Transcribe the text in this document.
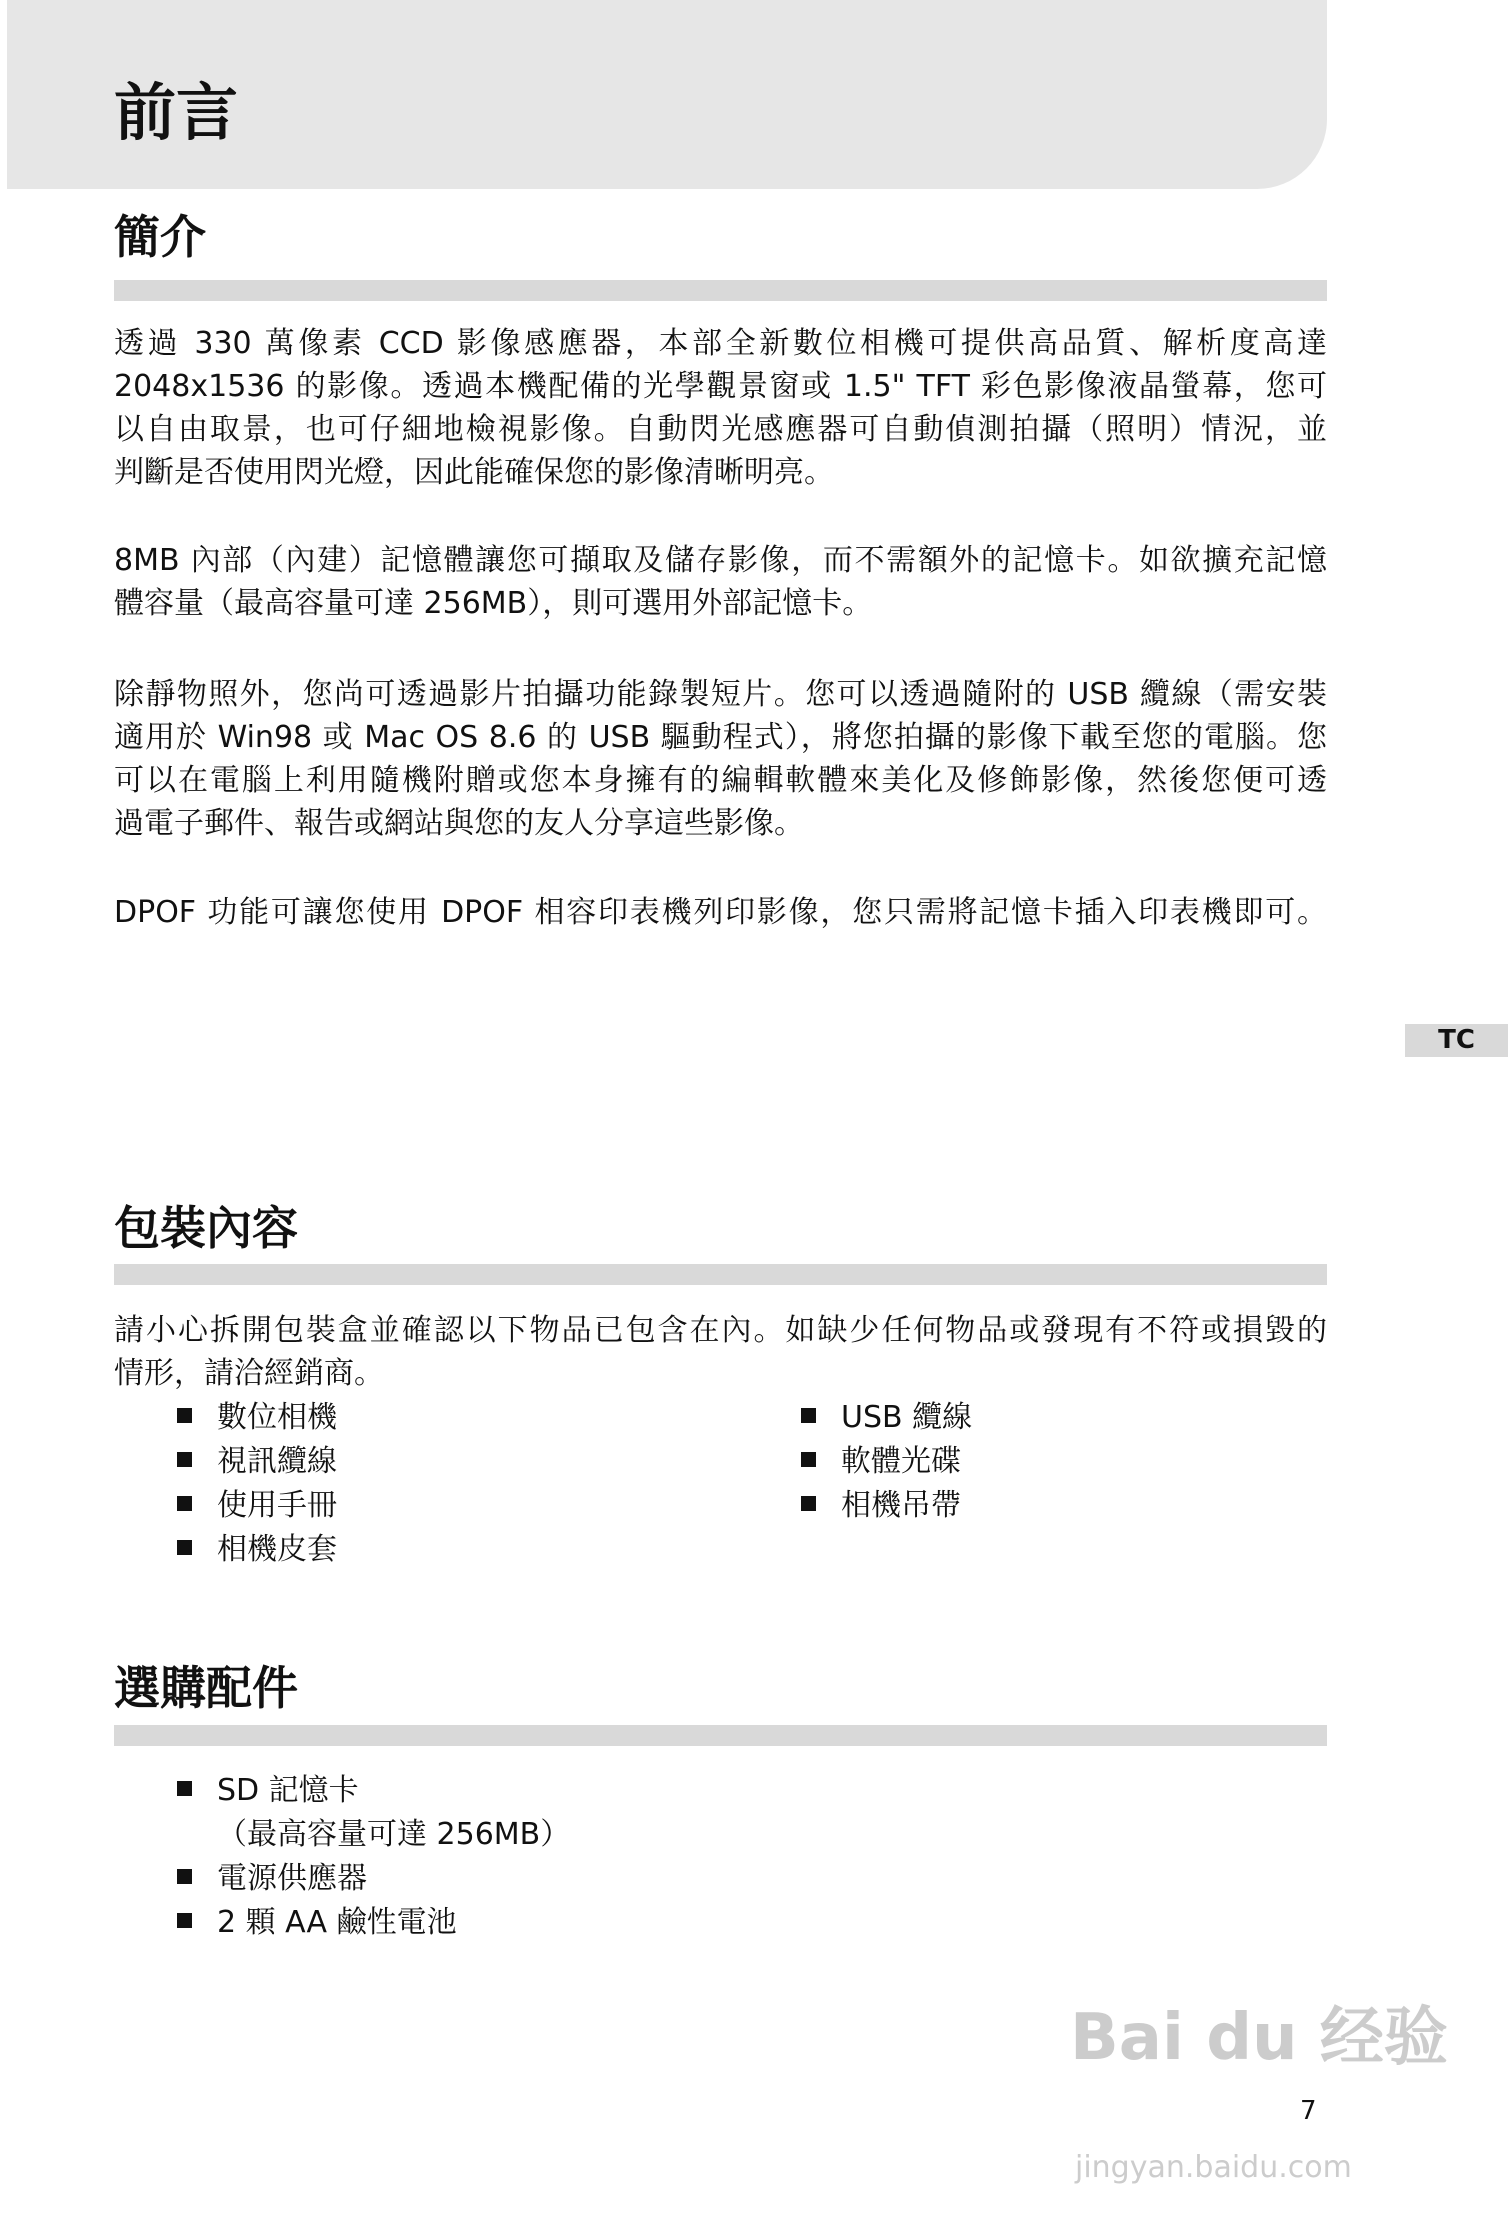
前言
簡介
透過 330 萬像素 CCD 影像感應器，本部全新數位相機可提供高品質、解析度高達
2048x1536 的影像。透過本機配備的光學觀景窗或 1.5" TFT 彩色影像液晶螢幕，您可
以自由取景，也可仔細地檢視影像。自動閃光感應器可自動偵測拍攝（照明）情況，並
判斷是否使用閃光燈，因此能確保您的影像清晰明亮。
8MB 內部（內建）記憶體讓您可擷取及儲存影像，而不需額外的記憶卡。如欲擴充記憶
體容量（最高容量可達 256MB），則可選用外部記憶卡。
除靜物照外，您尚可透過影片拍攝功能錄製短片。您可以透過隨附的 USB 纜線（需安裝
適用於 Win98 或 Mac OS 8.6 的 USB 驅動程式），將您拍攝的影像下載至您的電腦。您
可以在電腦上利用隨機附贈或您本身擁有的編輯軟體來美化及修飾影像，然後您便可透
過電子郵件、報告或網站與您的友人分享這些影像。
DPOF 功能可讓您使用 DPOF 相容印表機列印影像，您只需將記憶卡插入印表機即可。
TC
包裝內容
請小心拆開包裝盒並確認以下物品已包含在內。如缺少任何物品或發現有不符或損毀的
情形，請洽經銷商。
數位相機
視訊纜線
使用手冊
相機皮套
USB 纜線
軟體光碟
相機吊帶
選購配件
SD 記憶卡
（最高容量可達 256MB）
電源供應器
2 顆 AA 鹼性電池
Bai du 经验
7
jingyan.baidu.com
